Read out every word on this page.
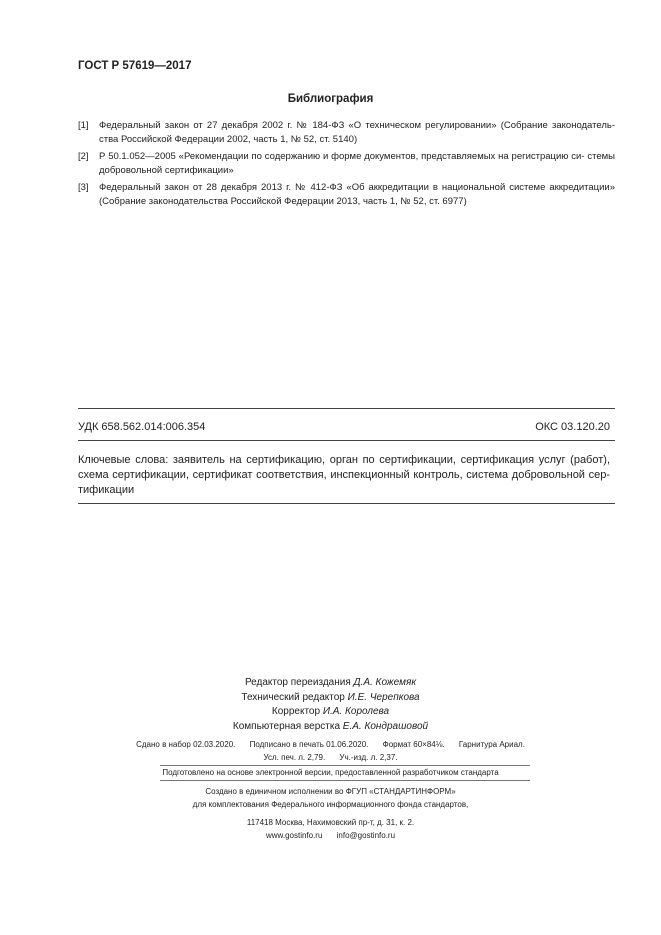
ГОСТ Р 57619—2017
Библиография
[1] Федеральный закон от 27 декабря 2002 г. № 184-ФЗ «О техническом регулировании» (Собрание законодатель- ства Российской Федерации 2002, часть 1, № 52, ст. 5140)
[2] Р 50.1.052—2005 «Рекомендации по содержанию и форме документов, представляемых на регистрацию си- стемы добровольной сертификации»
[3] Федеральный закон от 28 декабря 2013 г. № 412-ФЗ «Об аккредитации в национальной системе аккредитации» (Собрание законодательства Российской Федерации 2013, часть 1, № 52, ст. 6977)
УДК 658.562.014:006.354	ОКС 03.120.20
Ключевые слова: заявитель на сертификацию, орган по сертификации, сертификация услуг (работ), схема сертификации, сертификат соответствия, инспекционный контроль, система добровольной сер- тификации
Редактор переиздания Д.А. Кожемяк
Технический редактор И.Е. Черепкова
Корректор И.А. Королева
Компьютерная верстка Е.А. Кондрашовой
Сдано в набор 02.03.2020. Подписано в печать 01.06.2020. Формат 60×84⅛. Гарнитура Ариал.
Усл. печ. л. 2,79. Уч.-изд. л. 2,37.
Подготовлено на основе электронной версии, предоставленной разработчиком стандарта
Создано в единичном исполнении во ФГУП «СТАНДАРТИНФОРМ»
для комплектования Федерального информационного фонда стандартов,
117418 Москва, Нахимовский пр-т, д. 31, к. 2.
www.gostinfo.ru info@gostinfo.ru
